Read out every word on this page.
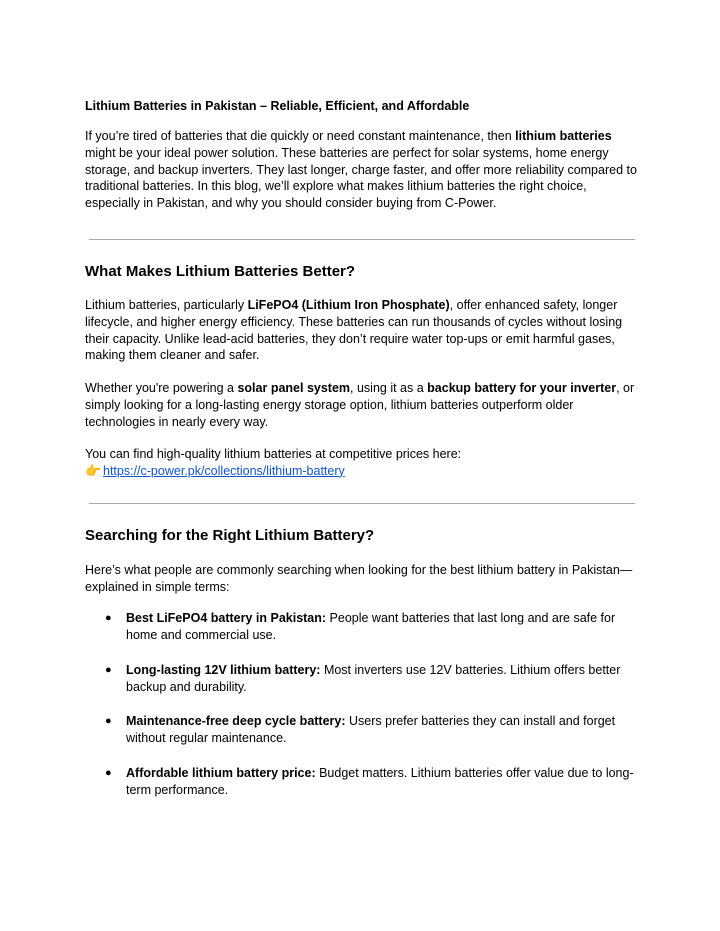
Lithium Batteries in Pakistan – Reliable, Efficient, and Affordable
If you’re tired of batteries that die quickly or need constant maintenance, then lithium batteries might be your ideal power solution. These batteries are perfect for solar systems, home energy storage, and backup inverters. They last longer, charge faster, and offer more reliability compared to traditional batteries. In this blog, we’ll explore what makes lithium batteries the right choice, especially in Pakistan, and why you should consider buying from C-Power.
What Makes Lithium Batteries Better?
Lithium batteries, particularly LiFePO4 (Lithium Iron Phosphate), offer enhanced safety, longer lifecycle, and higher energy efficiency. These batteries can run thousands of cycles without losing their capacity. Unlike lead-acid batteries, they don’t require water top-ups or emit harmful gases, making them cleaner and safer.
Whether you're powering a solar panel system, using it as a backup battery for your inverter, or simply looking for a long-lasting energy storage option, lithium batteries outperform older technologies in nearly every way.
You can find high-quality lithium batteries at competitive prices here:
👉 https://c-power.pk/collections/lithium-battery
Searching for the Right Lithium Battery?
Here’s what people are commonly searching when looking for the best lithium battery in Pakistan—explained in simple terms:
● Best LiFePO4 battery in Pakistan: People want batteries that last long and are safe for home and commercial use.
● Long-lasting 12V lithium battery: Most inverters use 12V batteries. Lithium offers better backup and durability.
● Maintenance-free deep cycle battery: Users prefer batteries they can install and forget without regular maintenance.
● Affordable lithium battery price: Budget matters. Lithium batteries offer value due to long-term performance.
